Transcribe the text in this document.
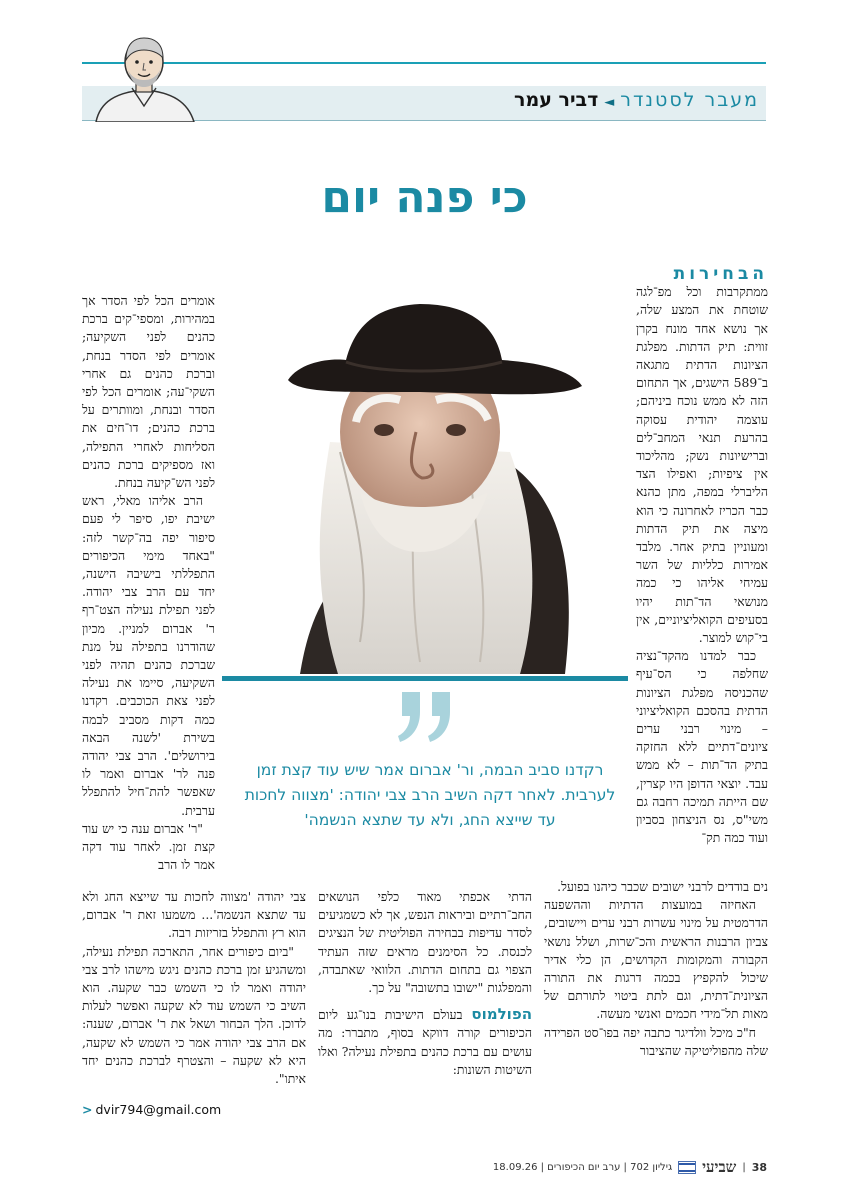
מעבר לסטנדר◄דביר עמר
כי פנה יום
הבחירות

ממתקרבות וכל מפ־לגה שוטחת את המצע שלה, אך נושא אחד מונח בקרן זווית: תיק הדתות. מפלגת הציונות הדתית מתגאה ב־589 הישגים, אך התחום הזה לא ממש נוכח ביניהם; עוצמה יהודית עסוקה בהרעת תנאי המחב־לים וברישיונות נשק; מהליכוד אין ציפיות; ואפילו הצד הליברלי במפה, מתן כהנא כבר הכריז לאחרונה כי הוא מיצה את תיק הדתות ומעוניין בתיק אחר. מלבד אמירות כלליות של השר עמיחי אליהו כי כמה מנושאי הד־תות יהיו בסעיפים הקואליציוניים, אין בי־קוש למוצר.

כבר למדנו מהקד־נציה שחלפה כי הס־עיף שהכניסה מפלגת הציונות הדתית בהסכם הקואליציוני – מינוי רבני ערים ציונים־דתיים ללא החזקה בתיק הד־תות – לא ממש עבד. יוצאי הדופן היו קצרין, שם הייתה תמיכה רחבה גם משי"ס, נס הניצחון בסביון ועוד כמה תק־

אומרים הכל לפי הסדר אך במהירות, ומספי־קים ברכת כהנים לפני השקיעה; אומרים לפי הסדר בנחת, וברכת כהנים גם אחרי השקי־עה; אומרים הכל לפי הסדר ובנחת, ומוותרים על ברכת כהנים; דו־חים את הסליחות לאחרי התפילה, ואז מספיקים ברכת כהנים לפני הש־קיעה בנחת.

הרב אליהו מאלי, ראש ישיבת יפו, סיפר לי פעם סיפור יפה בה־קשר לזה: "באחד מימי הכיפורים התפללתי בישיבה הישנה, יחד עם הרב צבי יהודה. לפני תפילת נעילה הצט־רף ר' אברום למניין. מכיון שהודרנו בתפילה על מנת שברכת כהנים תהיה לפני השקיעה, סיימו את נעילה לפני צאת הכוכבים. רקדנו כמה דקות מסביב לבמה בשירת 'לשנה הבאה בירושלים'. הרב צבי יהודה פנה לר' אברום ואמר לו שאפשר להת־חיל להתפלל ערבית.

"ר' אברום ענה כי יש עוד קצת זמן. לאחר עוד דקה אמר לו הרב

רקדנו סביב הבמה, ור' אברום אמר שיש עוד קצת זמן לערבית. לאחר דקה השיב הרב צבי יהודה: 'מצווה לחכות עד שייצא החג, ולא עד שתצא הנשמה'

נים בודדים לרבני ישובים שכבר כיהנו בפועל.

האחיזה במועצות הדתיות וההשפעה הדרמטית על מינוי עשרות רבני ערים ויישובים, צביון הרבנות הראשית והכ־שרות, ושלל נושאי הקבורה והמקומות הקדושים, הן כלי אדיר שיכול להקפיץ בכמה דרגות את התורה הציונית־דתית, וגם לתת ביטוי לתורתם של מאות תל־מידי חכמים ואנשי מעשה.

ח"כ מיכל וולדיגר כתבה יפה בפו־סט הפרידה שלה מהפוליטיקה שהציבור

הדתי אכפתי מאוד כלפי הנושאים החב־רתיים וביראות הנפש, אך לא כשמגיעים לסדר עדיפות בבחירה הפוליטית של הנציגים לכנסת. כל הסימנים מראים שזה העתיד הצפוי גם בתחום הדתות. הלוואי שאתבדה, והמפלגות "ישובו בתשובה" על כך.

הפולמוס בעולם הישיבות בנו־גע ליום הכיפורים קורה דווקא בסוף, מתברר: מה עושים עם ברכת כהנים בתפילת נעילה? ואלו השיטות השונות:

צבי יהודה 'מצווה לחכות עד שייצא החג ולא עד שתצא הנשמה'... משמעו זאת ר' אברום, הוא רץ והתפלל בזריזות רבה.

"ביום כיפורים אחר, התארכה תפילת נעילה, ומשהגיע זמן ברכת כהנים ניגש מישהו לרב צבי יהודה ואמר לו כי השמש כבר שקעה. הוא השיב כי השמש עוד לא שקעה ואפשר לעלות לדוכן. הלך הבחור ושאל את ר' אברום, שענה: אם הרב צבי יהודה אמר כי השמש לא שקעה, היא לא שקעה – והצטרף לברכת כהנים יחד איתו".

> dvir794@gmail.com
38
|
שביעי
גיליון 702 | ערב יום הכיפורים | 18.09.26
